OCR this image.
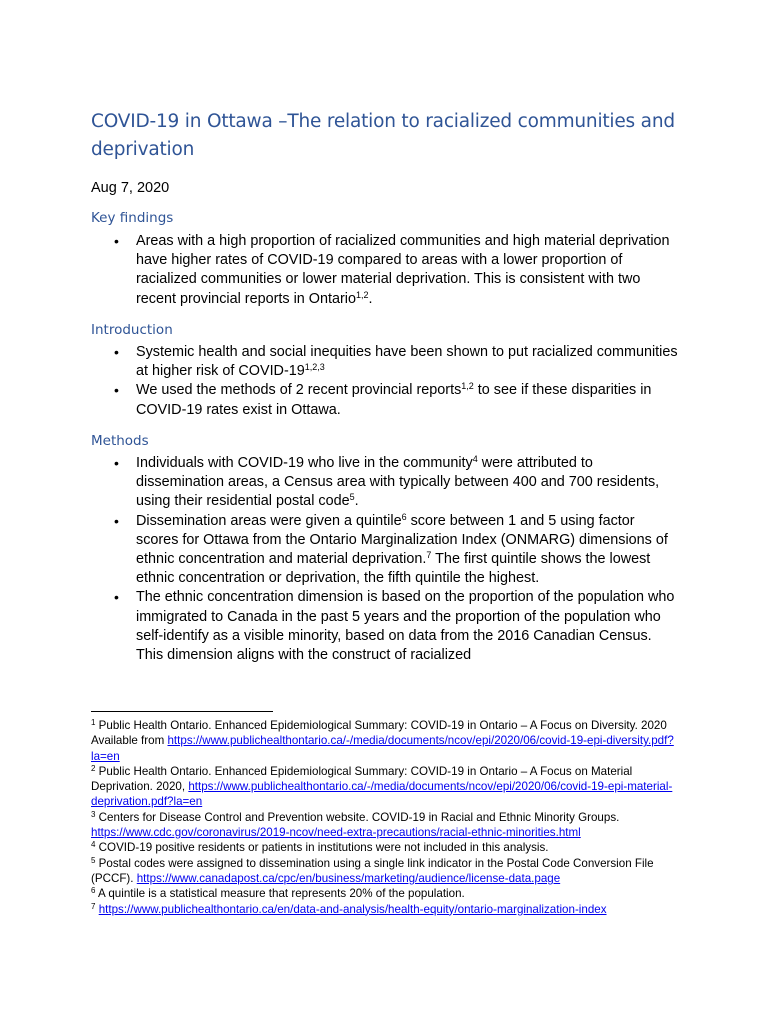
COVID-19 in Ottawa –The relation to racialized communities and deprivation
Aug 7, 2020
Key findings
• Areas with a high proportion of racialized communities and high material deprivation have higher rates of COVID-19 compared to areas with a lower proportion of racialized communities or lower material deprivation. This is consistent with two recent provincial reports in Ontario$^{1,2}$.
Introduction
• Systemic health and social inequities have been shown to put racialized communities at higher risk of COVID-19$^{1,2,3}$
• We used the methods of 2 recent provincial reports$^{1,2}$ to see if these disparities in COVID-19 rates exist in Ottawa.
Methods
• Individuals with COVID-19 who live in the community$^4$ were attributed to dissemination areas, a Census area with typically between 400 and 700 residents, using their residential postal code$^5$.
• Dissemination areas were given a quintile$^6$ score between 1 and 5 using factor scores for Ottawa from the Ontario Marginalization Index (ONMARG) dimensions of ethnic concentration and material deprivation.$^7$ The first quintile shows the lowest ethnic concentration or deprivation, the fifth quintile the highest.
• The ethnic concentration dimension is based on the proportion of the population who immigrated to Canada in the past 5 years and the proportion of the population who self-identify as a visible minority, based on data from the 2016 Canadian Census. This dimension aligns with the construct of racialized

$^1$ Public Health Ontario. Enhanced Epidemiological Summary: COVID-19 in Ontario – A Focus on Diversity. 2020 Available from https://www.publichealthontario.ca/-/media/documents/ncov/epi/2020/06/covid-19-epi-diversity.pdf?la=en

$^2$ Public Health Ontario. Enhanced Epidemiological Summary: COVID-19 in Ontario – A Focus on Material Deprivation. 2020, https://www.publichealthontario.ca/-/media/documents/ncov/epi/2020/06/covid-19-epi-material-deprivation.pdf?la=en

$^3$ Centers for Disease Control and Prevention website. COVID-19 in Racial and Ethnic Minority Groups. https://www.cdc.gov/coronavirus/2019-ncov/need-extra-precautions/racial-ethnic-minorities.html

$^4$ COVID-19 positive residents or patients in institutions were not included in this analysis.

$^5$ Postal codes were assigned to dissemination using a single link indicator in the Postal Code Conversion File (PCCF). https://www.canadapost.ca/cpc/en/business/marketing/audience/license-data.page

$^6$ A quintile is a statistical measure that represents 20% of the population.

$^7$ https://www.publichealthontario.ca/en/data-and-analysis/health-equity/ontario-marginalization-index
